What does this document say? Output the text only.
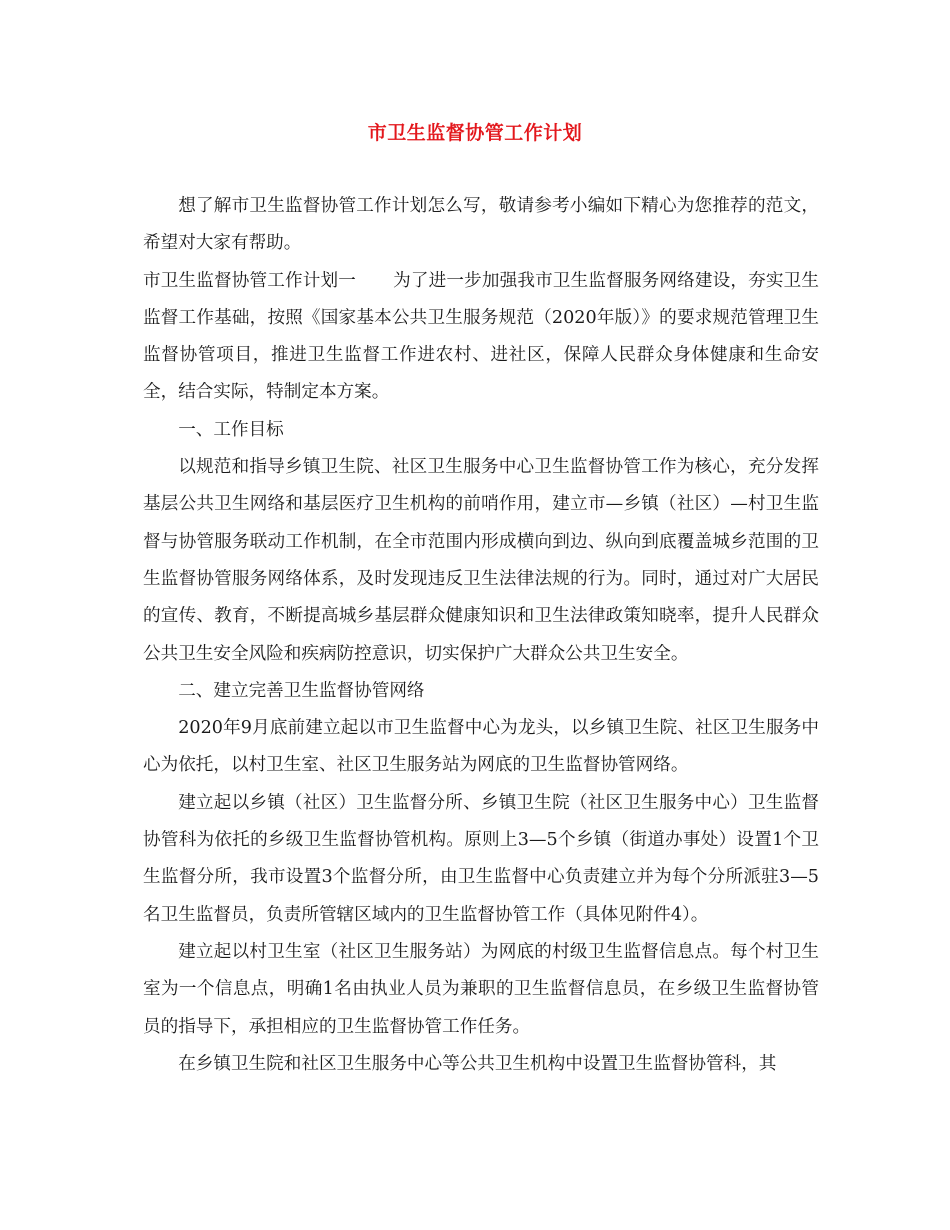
市卫生监督协管工作计划

想了解市卫生监督协管工作计划怎么写，敬请参考小编如下精心为您推荐的范文，希望对大家有帮助。

市卫生监督协管工作计划一 为了进一步加强我市卫生监督服务网络建设，夯实卫生监督工作基础，按照《国家基本公共卫生服务规范（2020年版）》的要求规范管理卫生监督协管项目，推进卫生监督工作进农村、进社区，保障人民群众身体健康和生命安全，结合实际，特制定本方案。

一、工作目标

以规范和指导乡镇卫生院、社区卫生服务中心卫生监督协管工作为核心，充分发挥基层公共卫生网络和基层医疗卫生机构的前哨作用，建立市—乡镇（社区）—村卫生监督与协管服务联动工作机制，在全市范围内形成横向到边、纵向到底覆盖城乡范围的卫生监督协管服务网络体系，及时发现违反卫生法律法规的行为。同时，通过对广大居民的宣传、教育，不断提高城乡基层群众健康知识和卫生法律政策知晓率，提升人民群众公共卫生安全风险和疾病防控意识，切实保护广大群众公共卫生安全。

二、建立完善卫生监督协管网络

2020年9月底前建立起以市卫生监督中心为龙头，以乡镇卫生院、社区卫生服务中心为依托，以村卫生室、社区卫生服务站为网底的卫生监督协管网络。

建立起以乡镇（社区）卫生监督分所、乡镇卫生院（社区卫生服务中心）卫生监督协管科为依托的乡级卫生监督协管机构。原则上3—5个乡镇（街道办事处）设置1个卫生监督分所，我市设置3个监督分所，由卫生监督中心负责建立并为每个分所派驻3—5名卫生监督员，负责所管辖区域内的卫生监督协管工作（具体见附件4）。

建立起以村卫生室（社区卫生服务站）为网底的村级卫生监督信息点。每个村卫生室为一个信息点，明确1名由执业人员为兼职的卫生监督信息员，在乡级卫生监督协管员的指导下，承担相应的卫生监督协管工作任务。

在乡镇卫生院和社区卫生服务中心等公共卫生机构中设置卫生监督协管科，其
